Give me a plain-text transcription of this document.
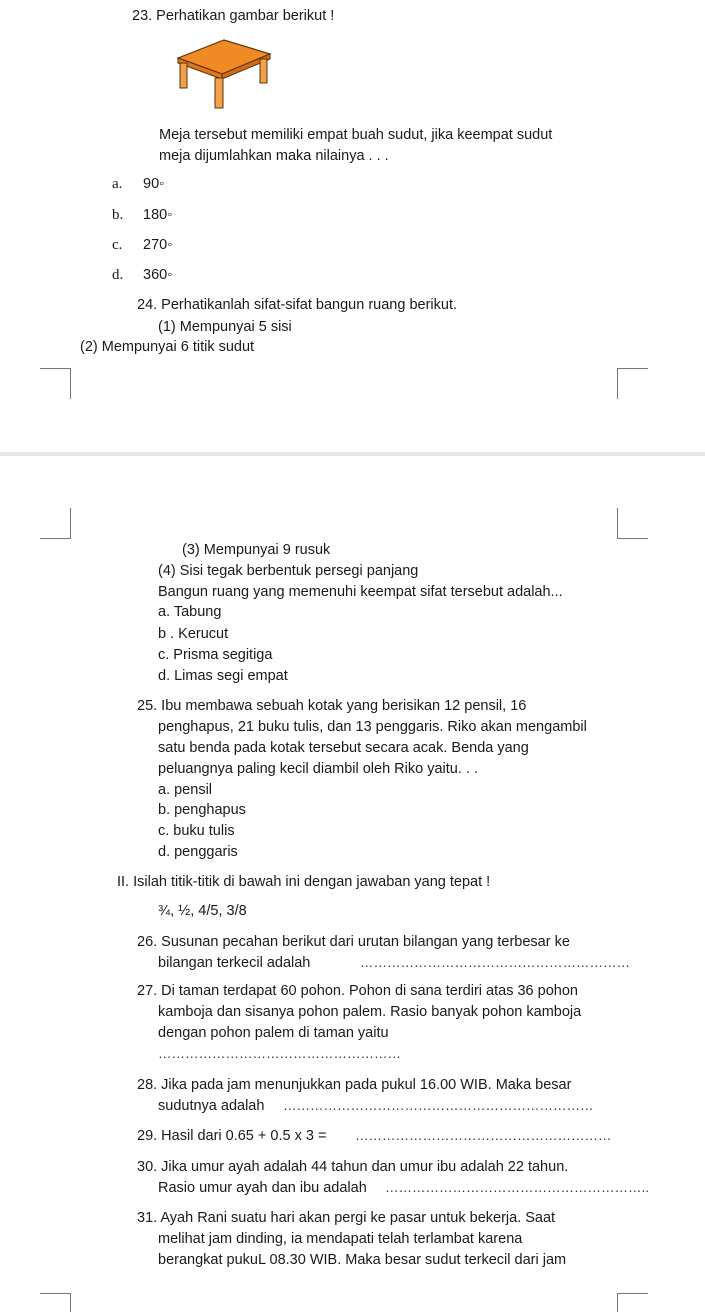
23. Perhatikan gambar berikut !
Meja tersebut memiliki empat buah sudut, jika keempat sudut
meja dijumlahkan maka nilainya . . .
a. 90◦
b. 180◦
c. 270◦
d. 360◦
24. Perhatikanlah sifat-sifat bangun ruang berikut.
(1) Mempunyai 5 sisi
(2) Mempunyai 6 titik sudut
(3) Mempunyai 9 rusuk
(4) Sisi tegak berbentuk persegi panjang
Bangun ruang yang memenuhi keempat sifat tersebut adalah...
a. Tabung
b . Kerucut
c. Prisma segitiga
d. Limas segi empat
25. Ibu membawa sebuah kotak yang berisikan 12 pensil, 16
penghapus, 21 buku tulis, dan 13 penggaris. Riko akan mengambil
satu benda pada kotak tersebut secara acak. Benda yang
peluangnya paling kecil diambil oleh Riko yaitu. . .
a. pensil
b. penghapus
c. buku tulis
d. penggaris
II. Isilah titik-titik di bawah ini dengan jawaban yang tepat !
¾, ½, 4/5, 3/8
26. Susunan pecahan berikut dari urutan bilangan yang terbesar ke
bilangan terkecil adalah	……………………………………………………
27. Di taman terdapat 60 pohon. Pohon di sana terdiri atas 36 pohon
kamboja dan sisanya pohon palem. Rasio banyak pohon kamboja
dengan pohon palem di taman yaitu
………………………………………………
28. Jika pada jam menunjukkan pada pukul 16.00 WIB. Maka besar
sudutnya adalah ……………………………………………………………
29. Hasil dari 0.65 + 0.5 x 3 = …………………………………………………
30. Jika umur ayah adalah 44 tahun dan umur ibu adalah 22 tahun.
Rasio umur ayah dan ibu adalah …………………………………………………..
31. Ayah Rani suatu hari akan pergi ke pasar untuk bekerja. Saat
melihat jam dinding, ia mendapati telah terlambat karena
berangkat pukuL 08.30 WIB. Maka besar sudut terkecil dari jam
